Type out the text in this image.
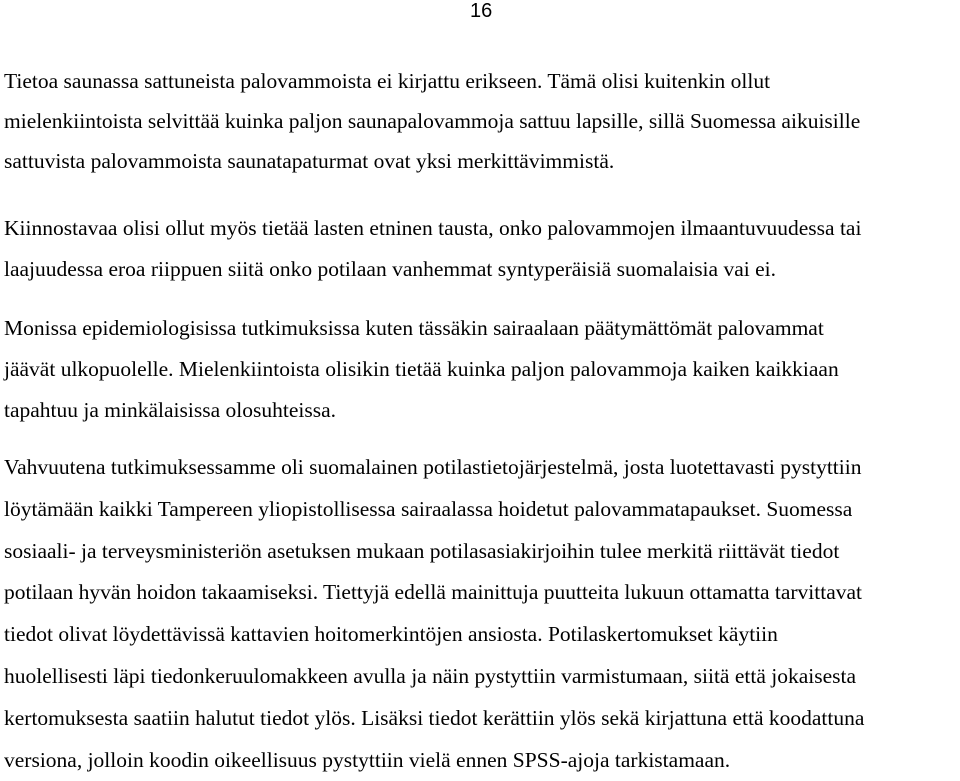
16

Tietoa saunassa sattuneista palovammoista ei kirjattu erikseen. Tämä olisi kuitenkin ollut
mielenkiintoista selvittää kuinka paljon saunapalovammoja sattuu lapsille, sillä Suomessa aikuisille
sattuvista palovammoista saunatapaturmat ovat yksi merkittävimmistä.

Kiinnostavaa olisi ollut myös tietää lasten etninen tausta, onko palovammojen ilmaantuvuudessa tai
laajuudessa eroa riippuen siitä onko potilaan vanhemmat syntyperäisiä suomalaisia vai ei.

Monissa epidemiologisissa tutkimuksissa kuten tässäkin sairaalaan päätymättömät palovammat
jäävät ulkopuolelle. Mielenkiintoista olisikin tietää kuinka paljon palovammoja kaiken kaikkiaan
tapahtuu ja minkälaisissa olosuhteissa.

Vahvuutena tutkimuksessamme oli suomalainen potilastietojärjestelmä, josta luotettavasti pystyttiin
löytämään kaikki Tampereen yliopistollisessa sairaalassa hoidetut palovammatapaukset. Suomessa
sosiaali- ja terveysministeriön asetuksen mukaan potilasasiakirjoihin tulee merkitä riittävät tiedot
potilaan hyvän hoidon takaamiseksi. Tiettyjä edellä mainittuja puutteita lukuun ottamatta tarvittavat
tiedot olivat löydettävissä kattavien hoitomerkintöjen ansiosta. Potilaskertomukset käytiin
huolellisesti läpi tiedonkeruulomakkeen avulla ja näin pystyttiin varmistumaan, siitä että jokaisesta
kertomuksesta saatiin halutut tiedot ylös. Lisäksi tiedot kerättiin ylös sekä kirjattuna että koodattuna
versiona, jolloin koodin oikeellisuus pystyttiin vielä ennen SPSS-ajoja tarkistamaan.
